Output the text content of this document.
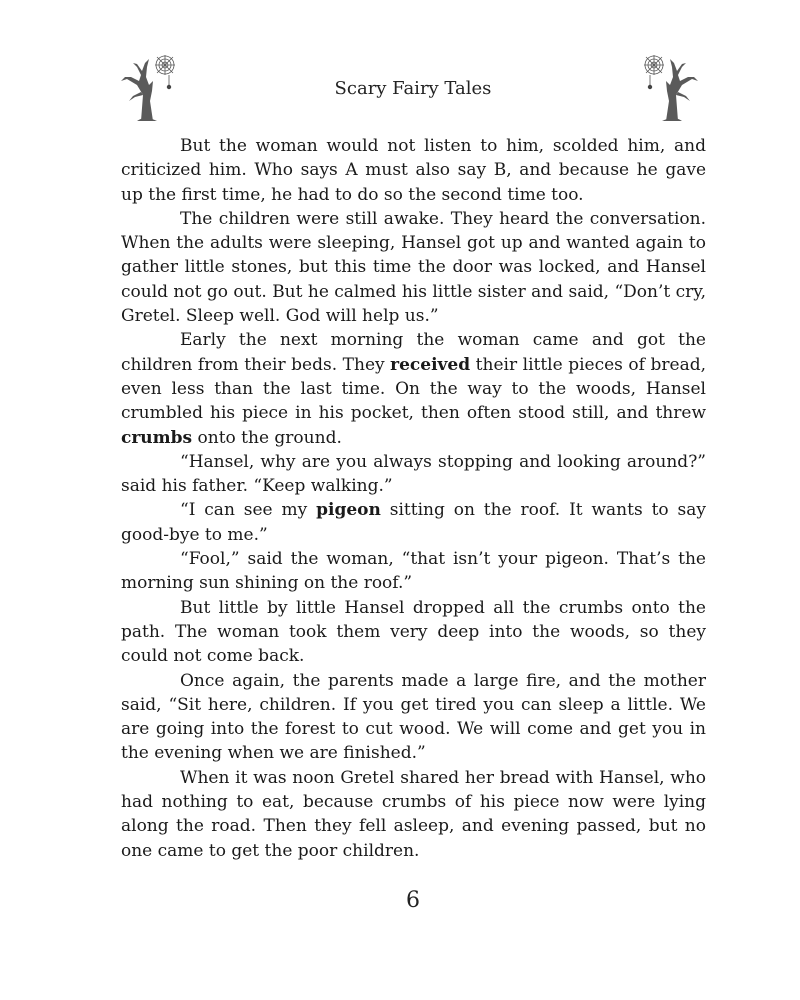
Scary Fairy Tales

But the woman would not listen to him, scolded him, and criticized him. Who says A must also say B, and because he gave up the first time, he had to do so the second time too.

The children were still awake. They heard the conversation. When the adults were sleeping, Hansel got up and wanted again to gather little stones, but this time the door was locked, and Hansel could not go out. But he calmed his little sister and said, “Don’t cry, Gretel. Sleep well. God will help us.”

Early the next morning the woman came and got the children from their beds. They received their little pieces of bread, even less than the last time. On the way to the woods, Hansel crumbled his piece in his pocket, then often stood still, and threw crumbs onto the ground.

“Hansel, why are you always stopping and looking around?” said his father. “Keep walking.”

“I can see my pigeon sitting on the roof. It wants to say good-bye to me.”

“Fool,” said the woman, “that isn’t your pigeon. That’s the morning sun shining on the roof.”

But little by little Hansel dropped all the crumbs onto the path. The woman took them very deep into the woods, so they could not come back.

Once again, the parents made a large fire, and the mother said, “Sit here, children. If you get tired you can sleep a little. We are going into the forest to cut wood. We will come and get you in the evening when we are finished.”

When it was noon Gretel shared her bread with Hansel, who had nothing to eat, because crumbs of his piece now were lying along the road. Then they fell asleep, and evening passed, but no one came to get the poor children.

6
